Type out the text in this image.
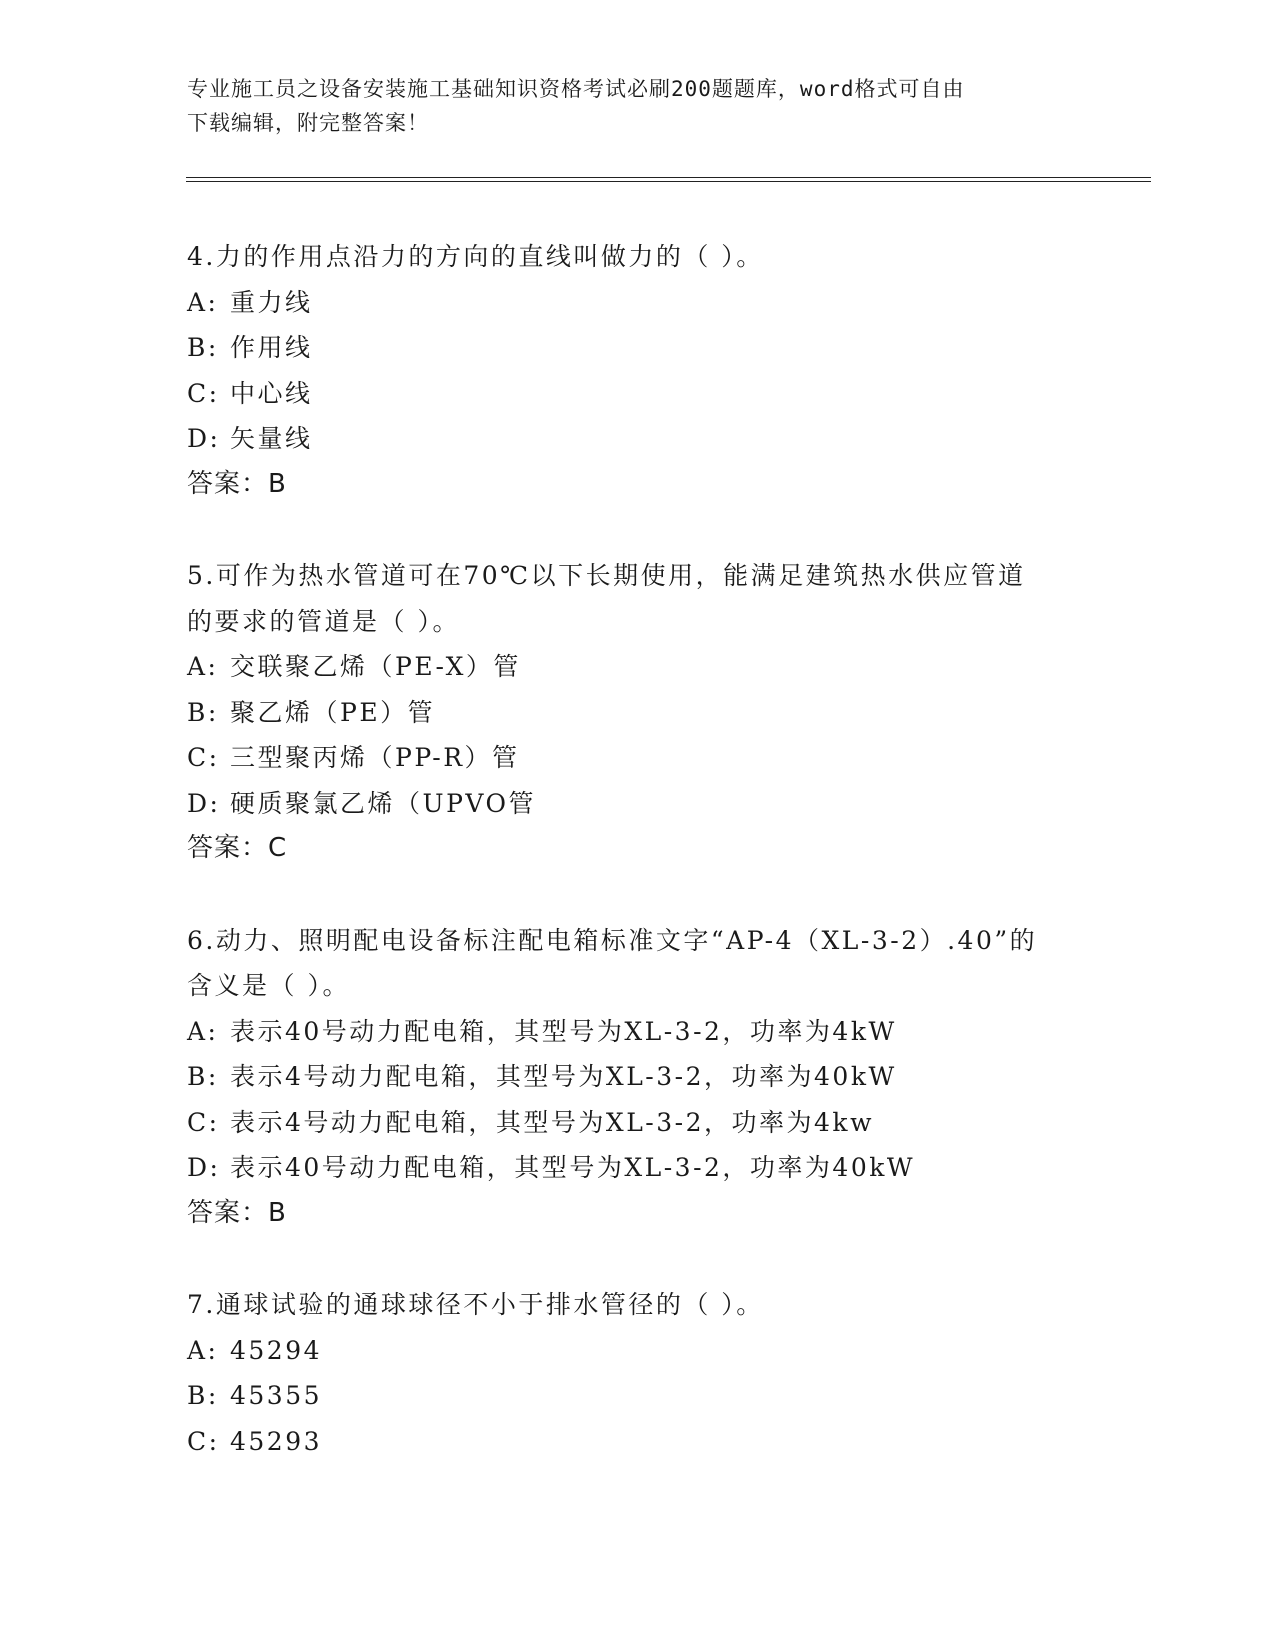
专业施工员之设备安装施工基础知识资格考试必刷200题题库，word格式可自由
下载编辑，附完整答案！
4.力的作用点沿力的方向的直线叫做力的（ ）。
A: 重力线
B: 作用线
C: 中心线
D: 矢量线
答案：B
5.可作为热水管道可在70℃以下长期使用，能满足建筑热水供应管道
的要求的管道是（ ）。
A: 交联聚乙烯（PE-X）管
B: 聚乙烯（PE）管
C: 三型聚丙烯（PP-R）管
D: 硬质聚氯乙烯（UPVO管
答案：C
6.动力、照明配电设备标注配电箱标准文字“AP-4（XL-3-2）.40”的
含义是（ ）。
A: 表示40号动力配电箱，其型号为XL-3-2，功率为4kW
B: 表示4号动力配电箱，其型号为XL-3-2，功率为40kW
C: 表示4号动力配电箱，其型号为XL-3-2，功率为4kw
D: 表示40号动力配电箱，其型号为XL-3-2，功率为40kW
答案：B
7.通球试验的通球球径不小于排水管径的（ ）。
A: 45294
B: 45355
C: 45293
